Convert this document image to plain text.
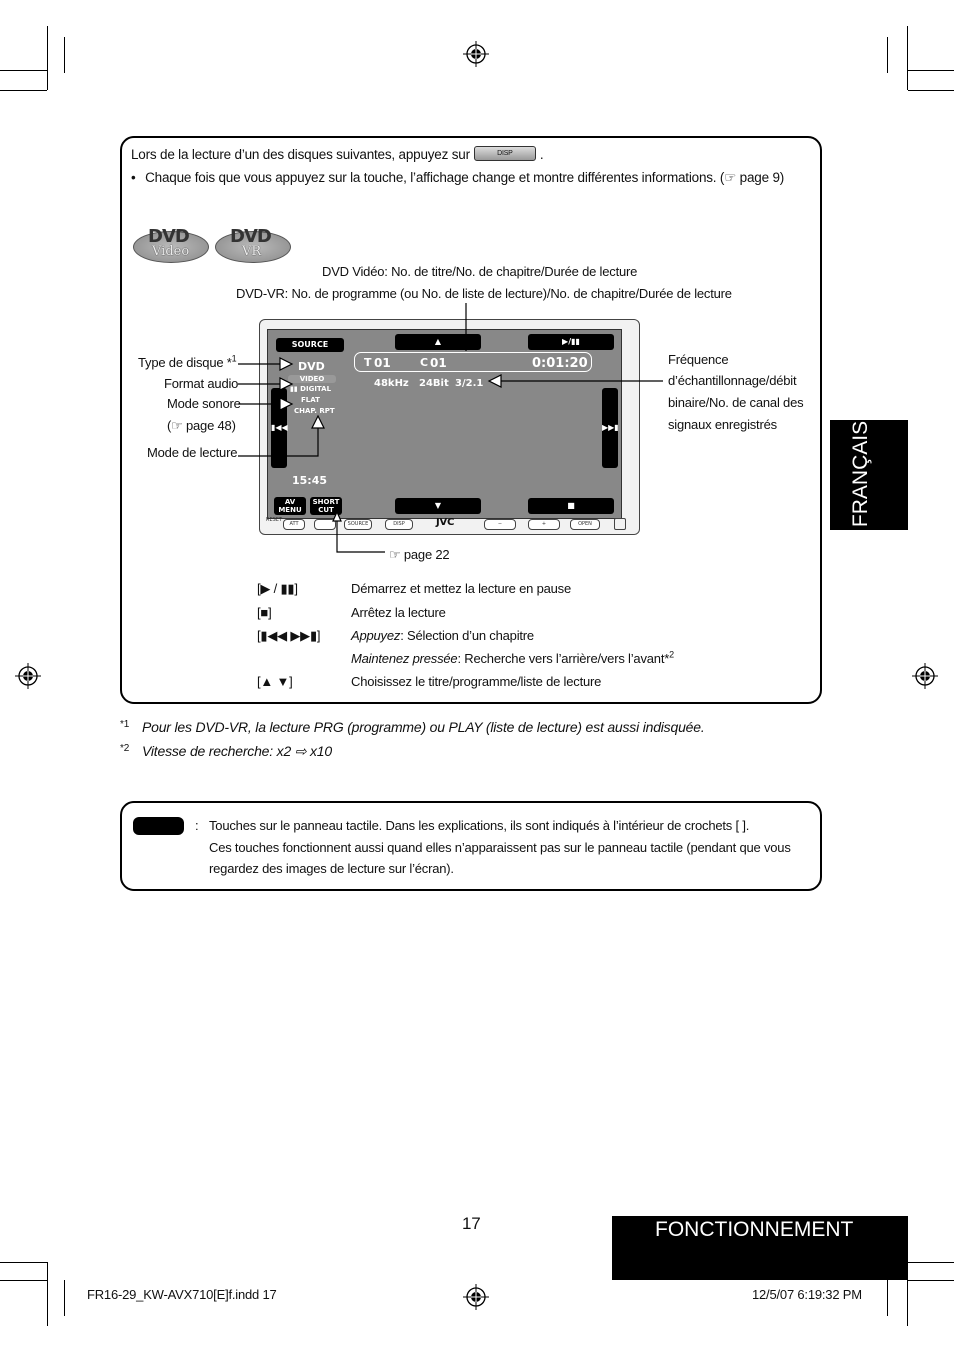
Lors de la lecture d’un des disques suivantes, appuyez sur	DISP .
• Chaque fois que vous appuyez sur la touche, l’affichage change et montre différentes informations. (☞ page 9)
DVD
Video
DVD
VR
DVD Vidéo: No. de titre/No. de chapitre/Durée de lecture
DVD-VR: No. de programme (ou No. de liste de lecture)/No. de chapitre/Durée de lecture
Type de disque *$^1$
Format audio
Mode sonore
(☞ page 48)
Mode de lecture
Fréquence
d’échantillonnage/débit
binaire/No. de canal des
signaux enregistrés
SOURCE	▲	▶/▮▮
DVD
VIDEO
▮▮ DIGITAL
FLAT
CHAP. RPT
▮◀◀	▶▶▮
T 01	C 01	0:01:20
48kHz 24Bit 3/2.1
15:45
AV
MENU
SHORT
CUT	▼	■
RESET
ATT	SOURCE	DISP	JVC	−	+	OPEN
☞ page 22
[▶ / ▮▮]	Démarrez et mettez la lecture en pause
[■]	Arrêtez la lecture
[▮◀◀ ▶▶▮] Appuyez: Sélection d’un chapitre
Maintenez pressée: Recherche vers l’arrière/vers l’avant*$^2$
[▲ ▼]	Choisissez le titre/programme/liste de lecture
*1 Pour les DVD-VR, la lecture PRG (programme) ou PLAY (liste de lecture) est aussi indisquée.
*2 Vitesse de recherche: x2 ⇨ x10
: Touches sur le panneau tactile. Dans les explications, ils sont indiqués à l’intérieur de crochets [ ].
Ces touches fonctionnent aussi quand elles n’apparaissent pas sur le panneau tactile (pendant que vous
regardez des images de lecture sur l’écran).
FRANÇAIS
17	FONCTIONNEMENT
FR16-29_KW-AVX710[E]f.indd 17	12/5/07 6:19:32 PM
